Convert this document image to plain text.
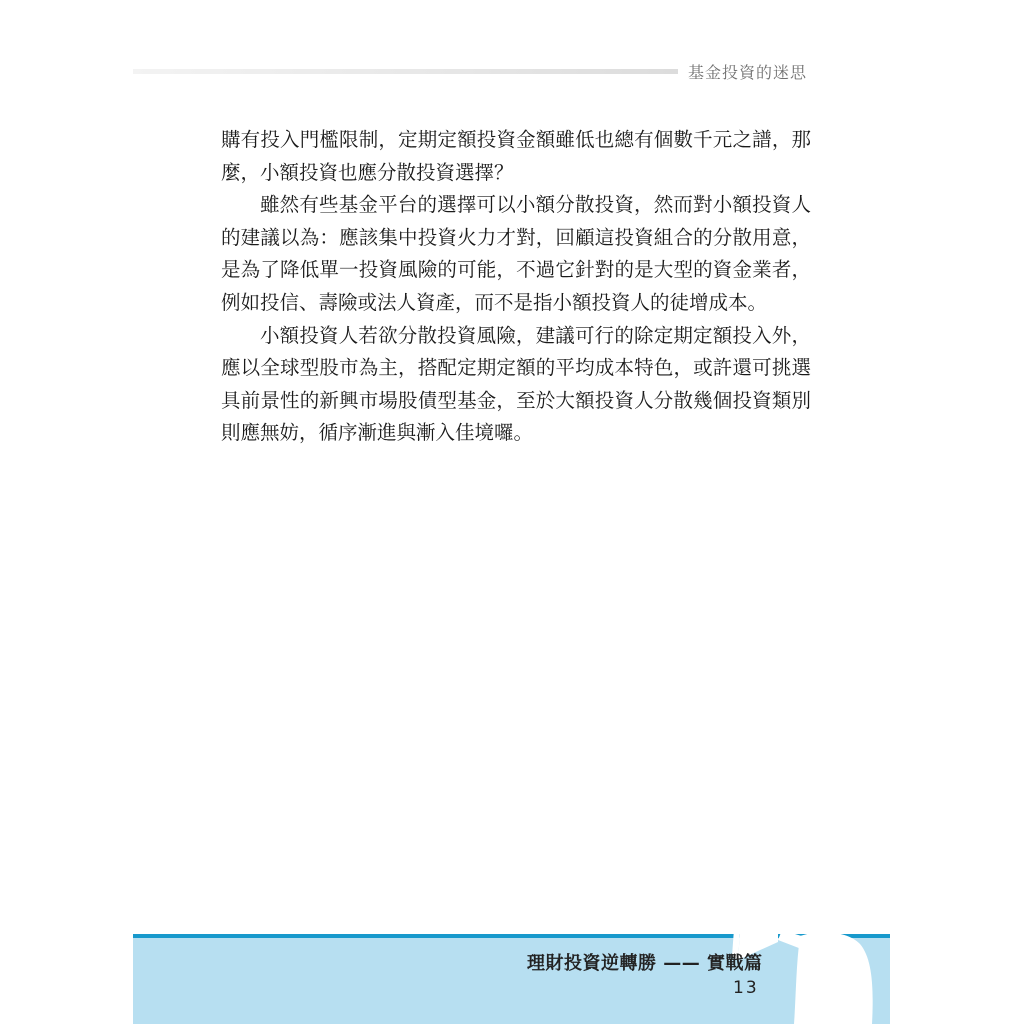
基金投資的迷思

購有投入門檻限制，定期定額投資金額雖低也總有個數千元之譜，那麼，小額投資也應分散投資選擇？

雖然有些基金平台的選擇可以小額分散投資，然而對小額投資人的建議以為：應該集中投資火力才對，回顧這投資組合的分散用意，是為了降低單一投資風險的可能，不過它針對的是大型的資金業者，例如投信、壽險或法人資產，而不是指小額投資人的徒增成本。

小額投資人若欲分散投資風險，建議可行的除定期定額投入外，應以全球型股市為主，搭配定期定額的平均成本特色，或許還可挑選具前景性的新興市場股債型基金，至於大額投資人分散幾個投資類別則應無妨，循序漸進與漸入佳境囉。

理財投資逆轉勝 —— 實戰篇
13
